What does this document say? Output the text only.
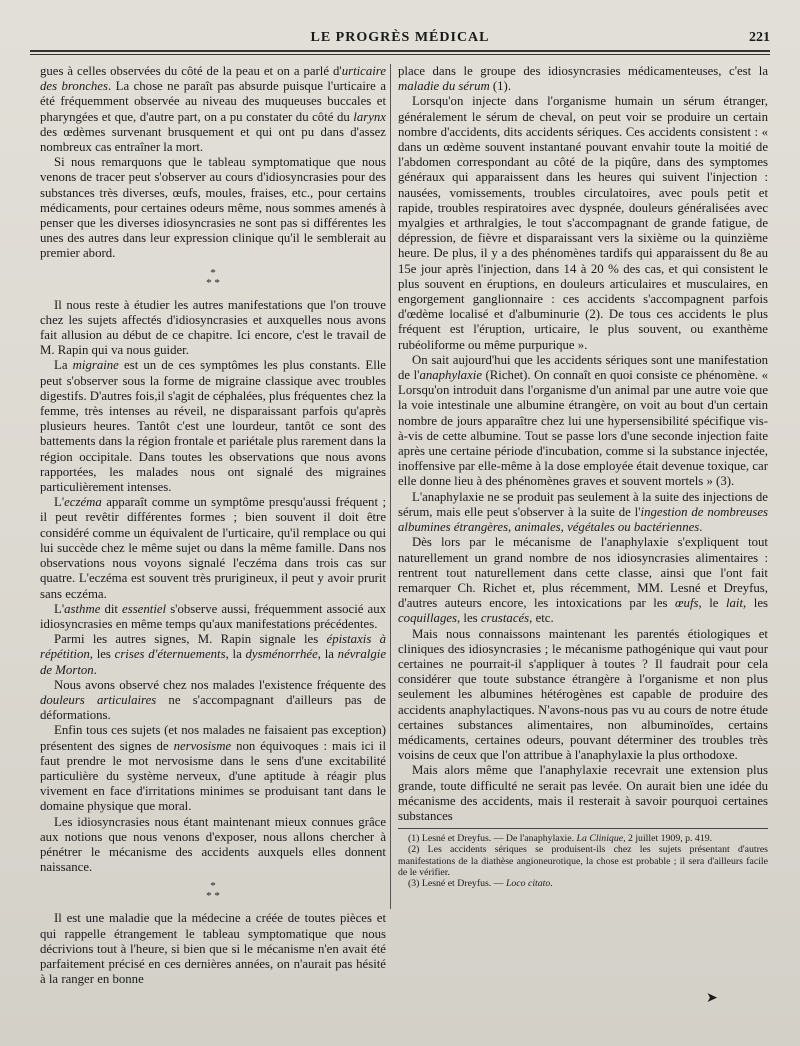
LE PROGRÈS MÉDICAL	221

gues à celles observées du côté de la peau et on a parlé d'urticaire des bronches. La chose ne paraît pas absurde puisque l'urticaire a été fréquemment observée au niveau des muqueuses buccales et pharyngées et que, d'autre part, on a pu constater du côté du larynx des œdèmes survenant brusquement et qui ont pu dans d'assez nombreux cas entraîner la mort.

Si nous remarquons que le tableau symptomatique que nous venons de tracer peut s'observer au cours d'idiosyncrasies pour des substances très diverses, œufs, moules, fraises, etc., pour certains médicaments, pour certaines odeurs même, nous sommes amenés à penser que les diverses idiosyncrasies ne sont pas si différentes les unes des autres dans leur expression clinique qu'il le semblerait au premier abord.

*
* *

Il nous reste à étudier les autres manifestations que l'on trouve chez les sujets affectés d'idiosyncrasies et auxquelles nous avons fait allusion au début de ce chapitre. Ici encore, c'est le travail de M. Rapin qui va nous guider.

La migraine est un de ces symptômes les plus constants. Elle peut s'observer sous la forme de migraine classique avec troubles digestifs. D'autres fois,il s'agit de céphalées, plus fréquentes chez la femme, très intenses au réveil, ne disparaissant parfois qu'après plusieurs heures. Tantôt c'est une lourdeur, tantôt ce sont des battements dans la région frontale et pariétale plus rarement dans la région occipitale. Dans toutes les observations que nous avons rapportées, les malades nous ont signalé des migraines particulièrement intenses.

L'eczéma apparaît comme un symptôme presqu'aussi fréquent ; il peut revêtir différentes formes ; bien souvent il doit être considéré comme un équivalent de l'urticaire, qu'il remplace ou qui lui succède chez le même sujet ou dans la même famille. Dans nos observations nous voyons signalé l'eczéma dans trois cas sur quatre. L'eczéma est souvent très prurigineux, il peut y avoir prurit sans eczéma.

L'asthme dit essentiel s'observe aussi, fréquemment associé aux idiosyncrasies en même temps qu'aux manifestations précédentes.

Parmi les autres signes, M. Rapin signale les épistaxis à répétition, les crises d'éternuements, la dysménorrhée, la névralgie de Morton.

Nous avons observé chez nos malades l'existence fréquente des douleurs articulaires ne s'accompagnant d'ailleurs pas de déformations.

Enfin tous ces sujets (et nos malades ne faisaient pas exception) présentent des signes de nervosisme non équivoques : mais ici il faut prendre le mot nervosisme dans le sens d'une excitabilité particulière du système nerveux, d'une aptitude à réagir plus vivement en face d'irritations minimes se produisant tant dans le domaine physique que moral.

Les idiosyncrasies nous étant maintenant mieux connues grâce aux notions que nous venons d'exposer, nous allons chercher à pénétrer le mécanisme des accidents auxquels elles donnent naissance.

*
* *

Il est une maladie que la médecine a créée de toutes pièces et qui rappelle étrangement le tableau symptomatique que nous décrivions tout à l'heure, si bien que si le mécanisme n'en avait été parfaitement précisé en ces dernières années, on n'aurait pas hésité à la ranger en bonne

place dans le groupe des idiosyncrasies médicamenteuses, c'est la maladie du sérum (1).

Lorsqu'on injecte dans l'organisme humain un sérum étranger, généralement le sérum de cheval, on peut voir se produire un certain nombre d'accidents, dits accidents sériques. Ces accidents consistent : « dans un œdème souvent instantané pouvant envahir toute la moitié de l'abdomen correspondant au côté de la piqûre, dans des symptomes généraux qui apparaissent dans les heures qui suivent l'injection : nausées, vomissements, troubles circulatoires, avec pouls petit et rapide, troubles respiratoires avec dyspnée, douleurs généralisées avec myalgies et arthralgies, le tout s'accompagnant de grande fatigue, de dépression, de fièvre et disparaissant vers la sixième ou la quinzième heure. De plus, il y a des phénomènes tardifs qui apparaissent du 8e au 15e jour après l'injection, dans 14 à 20 % des cas, et qui consistent le plus souvent en éruptions, en douleurs articulaires et musculaires, en engorgement ganglionnaire : ces accidents s'accompagnent parfois d'œdème localisé et d'albuminurie (2). De tous ces accidents le plus fréquent est l'éruption, urticaire, le plus souvent, ou exanthème rubéoliforme ou même purpurique ».

On sait aujourd'hui que les accidents sériques sont une manifestation de l'anaphylaxie (Richet). On connaît en quoi consiste ce phénomène. « Lorsqu'on introduit dans l'organisme d'un animal par une autre voie que la voie intestinale une albumine étrangère, on voit au bout d'un certain nombre de jours apparaître chez lui une hypersensibilité spécifique vis-à-vis de cette albumine. Tout se passe lors d'une seconde injection faite après une certaine période d'incubation, comme si la substance injectée, inoffensive par elle-même à la dose employée était devenue toxique, car elle donne lieu à des phénomènes graves et souvent mortels » (3).

L'anaphylaxie ne se produit pas seulement à la suite des injections de sérum, mais elle peut s'observer à la suite de l'ingestion de nombreuses albumines étrangères, animales, végétales ou bactériennes.

Dès lors par le mécanisme de l'anaphylaxie s'expliquent tout naturellement un grand nombre de nos idiosyncrasies alimentaires : rentrent tout naturellement dans cette classe, ainsi que l'ont fait remarquer Ch. Richet et, plus récemment, MM. Lesné et Dreyfus, d'autres auteurs encore, les intoxications par les œufs, le lait, les coquillages, les crustacés, etc.

Mais nous connaissons maintenant les parentés étiologiques et cliniques des idiosyncrasies ; le mécanisme pathogénique qui vaut pour certaines ne pourrait-il s'appliquer à toutes ? Il faudrait pour cela considérer que toute substance étrangère à l'organisme et non plus seulement les albumines hétérogènes est capable de produire des accidents anaphylactiques. N'avons-nous pas vu au cours de notre étude certaines substances alimentaires, non albuminoïdes, certains médicaments, certaines odeurs, pouvant déterminer des troubles très voisins de ceux que l'on attribue à l'anaphylaxie la plus orthodoxe.

Mais alors même que l'anaphylaxie recevrait une extension plus grande, toute difficulté ne serait pas levée. On aurait bien une idée du mécanisme des accidents, mais il resterait à savoir pourquoi certaines substances

(1) Lesné et Dreyfus. — De l'anaphylaxie. La Clinique, 2 juillet 1909, p. 419.

(2) Les accidents sériques se produisent-ils chez les sujets présentant d'autres manifestations de la diathèse angioneurotique, la chose est probable ; il sera d'ailleurs facile de le vérifier.

(3) Lesné et Dreyfus. — Loco citato.

➤
